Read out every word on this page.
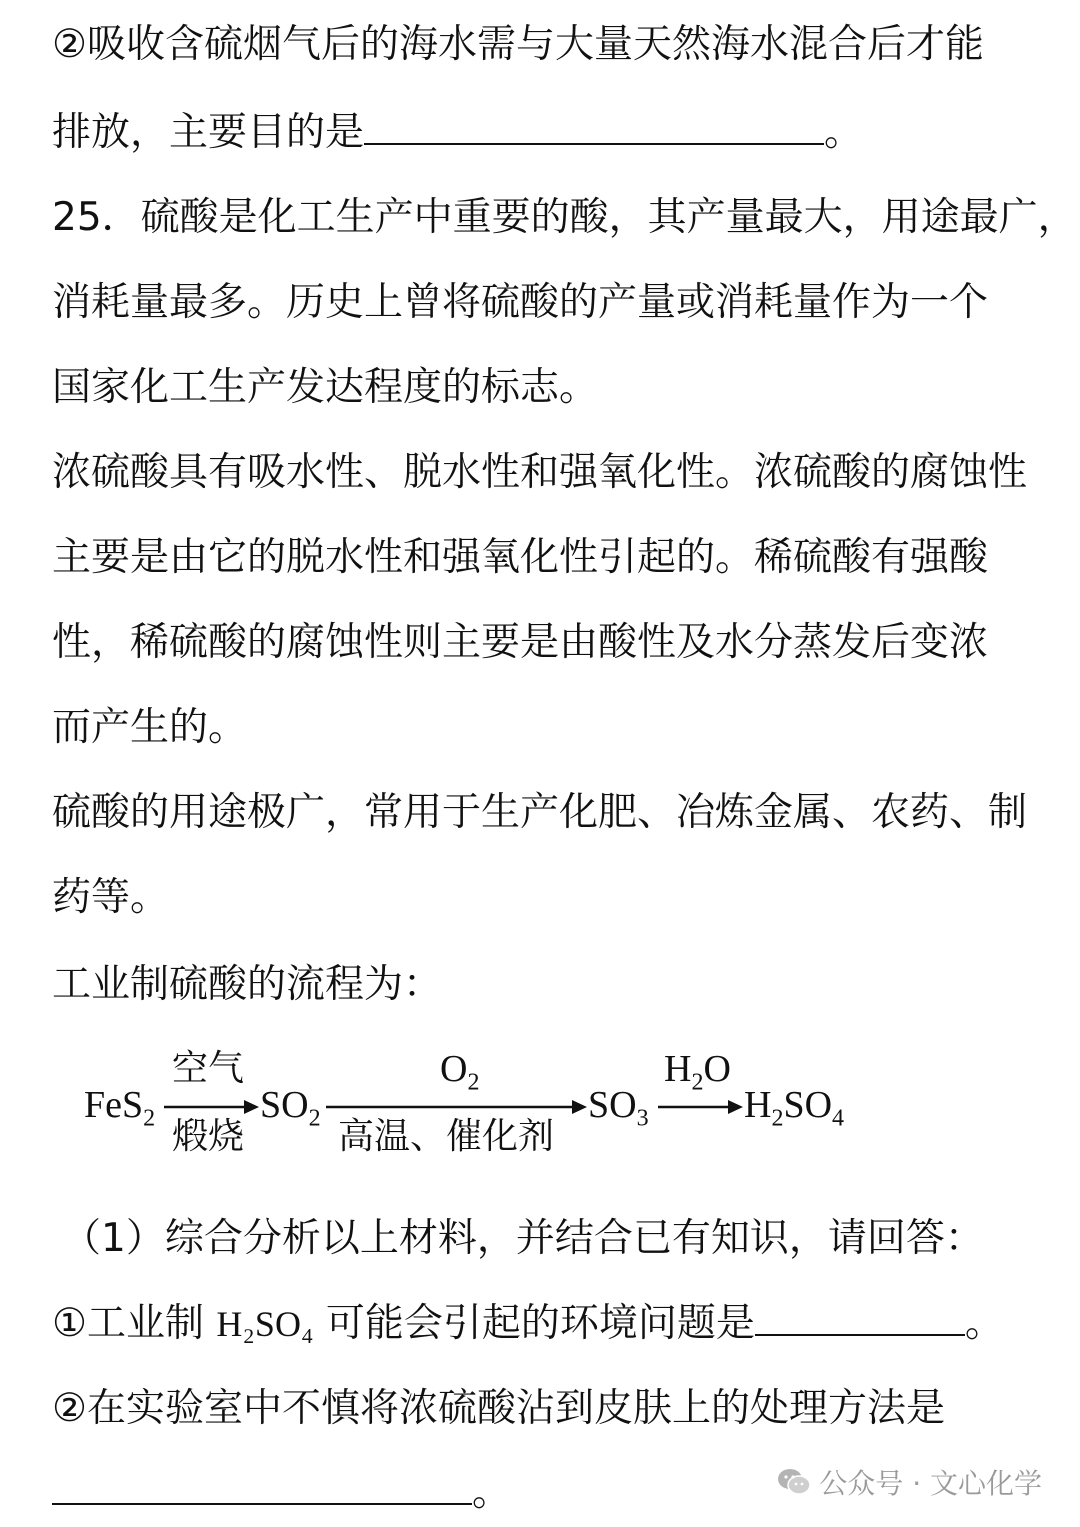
②吸收含硫烟气后的海水需与大量天然海水混合后才能
排放，主要目的是	。
25．硫酸是化工生产中重要的酸，其产量最大，用途最广，
消耗量最多。历史上曾将硫酸的产量或消耗量作为一个
国家化工生产发达程度的标志。
浓硫酸具有吸水性、脱水性和强氧化性。浓硫酸的腐蚀性
主要是由它的脱水性和强氧化性引起的。稀硫酸有强酸
性，稀硫酸的腐蚀性则主要是由酸性及水分蒸发后变浓
而产生的。
硫酸的用途极广，常用于生产化肥、冶炼金属、农药、制
药等。
工业制硫酸的流程为：
FeS$_2$
空气
煅烧
$SO_2$
$O_2$
高温、催化剂
$SO_3$
$H_2O$
$H_2SO_4$
（1）综合分析以上材料，并结合已有知识，请回答：
①工业制 H₂SO₄ 可能会引起的环境问题是	。
②在实验室中不慎将浓硫酸沾到皮肤上的处理方法是
。	公众号 · 文心化学
